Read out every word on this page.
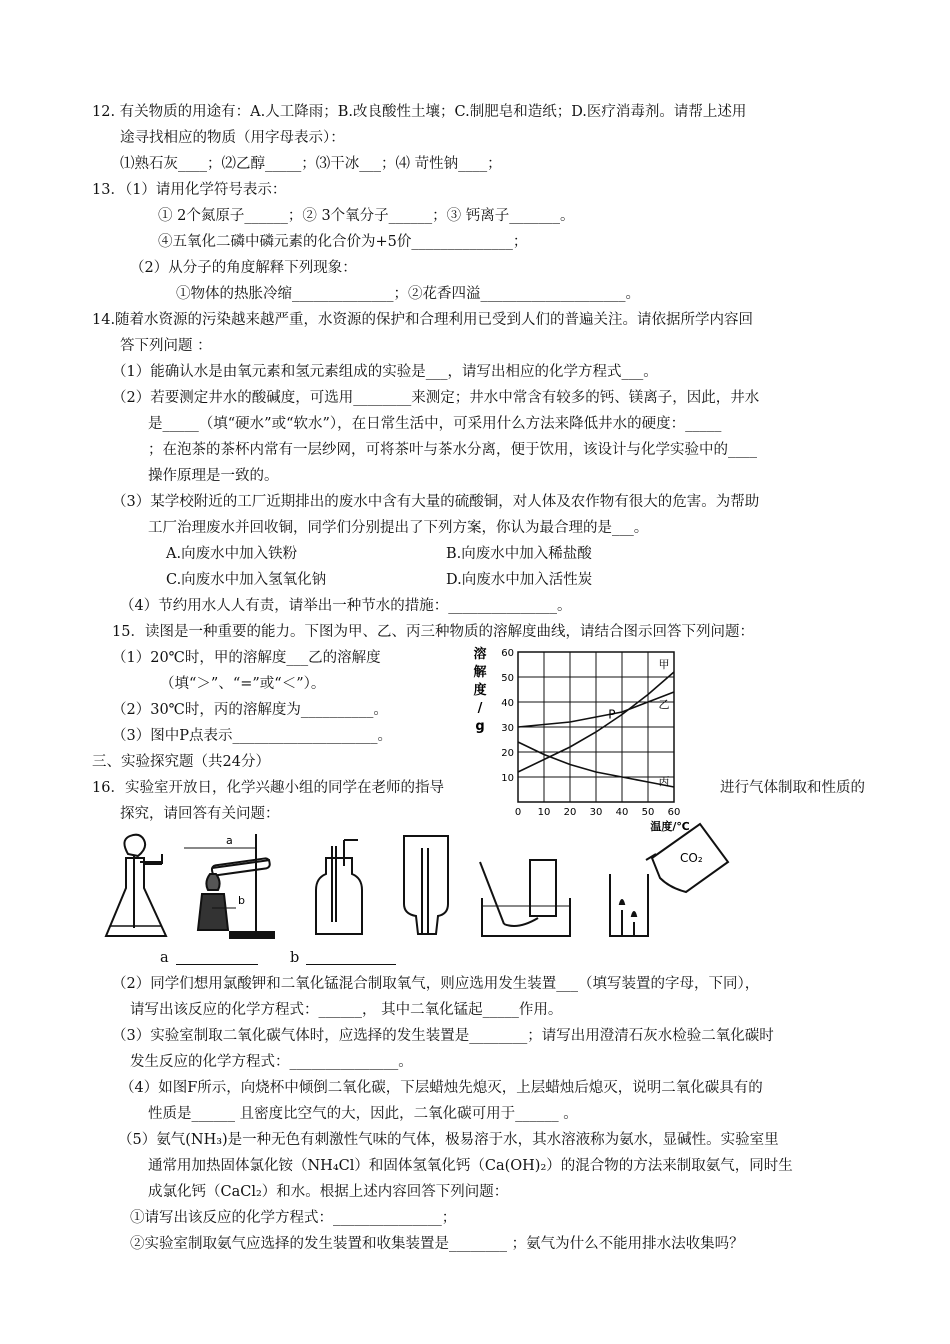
12. 有关物质的用途有：A.人工降雨；B.改良酸性土壤；C.制肥皂和造纸；D.医疗消毒剂。请帮上述用
途寻找相应的物质（用字母表示）：
⑴熟石灰____；⑵乙醇_____；⑶干冰___；⑷ 苛性钠____；
13．（1）请用化学符号表示：
① 2个氮原子______；② 3个氧分子______；③ 钙离子_______。
④五氧化二磷中磷元素的化合价为+5价______________；
（2）从分子的角度解释下列现象：
①物体的热胀冷缩______________；②花香四溢____________________。
14.随着水资源的污染越来越严重，水资源的保护和合理利用已受到人们的普遍关注。请依据所学内容回
答下列问题 ：
（1）能确认水是由氧元素和氢元素组成的实验是___，请写出相应的化学方程式___。
（2）若要测定井水的酸碱度，可选用________来测定；井水中常含有较多的钙、镁离子，因此，井水
是_____（填“硬水”或“软水”），在日常生活中，可采用什么方法来降低井水的硬度：_____
；在泡茶的茶杯内常有一层纱网，可将茶叶与茶水分离，便于饮用，该设计与化学实验中的____
操作原理是一致的。
（3）某学校附近的工厂近期排出的废水中含有大量的硫酸铜，对人体及农作物有很大的危害。为帮助
工厂治理废水并回收铜，同学们分别提出了下列方案，你认为最合理的是___。
A.向废水中加入铁粉	B.向废水中加入稀盐酸
C.向废水中加入氢氧化钠	D.向废水中加入活性炭
（4）节约用水人人有责，请举出一种节水的措施：_______________。
15．读图是一种重要的能力。下图为甲、乙、丙三种物质的溶解度曲线，请结合图示回答下列问题：
（1）20℃时，甲的溶解度___乙的溶解度
（填“＞”、“=”或“＜”）。
（2）30℃时，丙的溶解度为__________。
（3）图中P点表示____________________。
0 10 20 30 40 50 60
10
20
30
40
50
60
溶
解
度
/
g
温度/℃
甲
乙
丙
P
三、实验探究题（共24分）
16．实验室开放日，化学兴趣小组的同学在老师的指导	进行气体制取和性质的
探究，请回答有关问题：
a
b
CO₂
a	b
（2）同学们想用氯酸钾和二氧化锰混合制取氧气，则应选用发生装置___（填写装置的字母，下同），
请写出该反应的化学方程式：______， 其中二氧化锰起_____作用。
（3）实验室制取二氧化碳气体时，应选择的发生装置是________；请写出用澄清石灰水检验二氧化碳时
发生反应的化学方程式：_______________。
（4）如图F所示，向烧杯中倾倒二氧化碳，下层蜡烛先熄灭，上层蜡烛后熄灭，说明二氧化碳具有的
性质是______ 且密度比空气的大，因此，二氧化碳可用于______ 。
（5）氨气(NH₃)是一种无色有刺激性气味的气体，极易溶于水，其水溶液称为氨水，显碱性。实验室里
通常用加热固体氯化铵（NH₄Cl）和固体氢氧化钙（Ca(OH)₂）的混合物的方法来制取氨气，同时生
成氯化钙（CaCl₂）和水。根据上述内容回答下列问题：
①请写出该反应的化学方程式：_______________；
②实验室制取氨气应选择的发生装置和收集装置是________ ；氨气为什么不能用排水法收集吗？
